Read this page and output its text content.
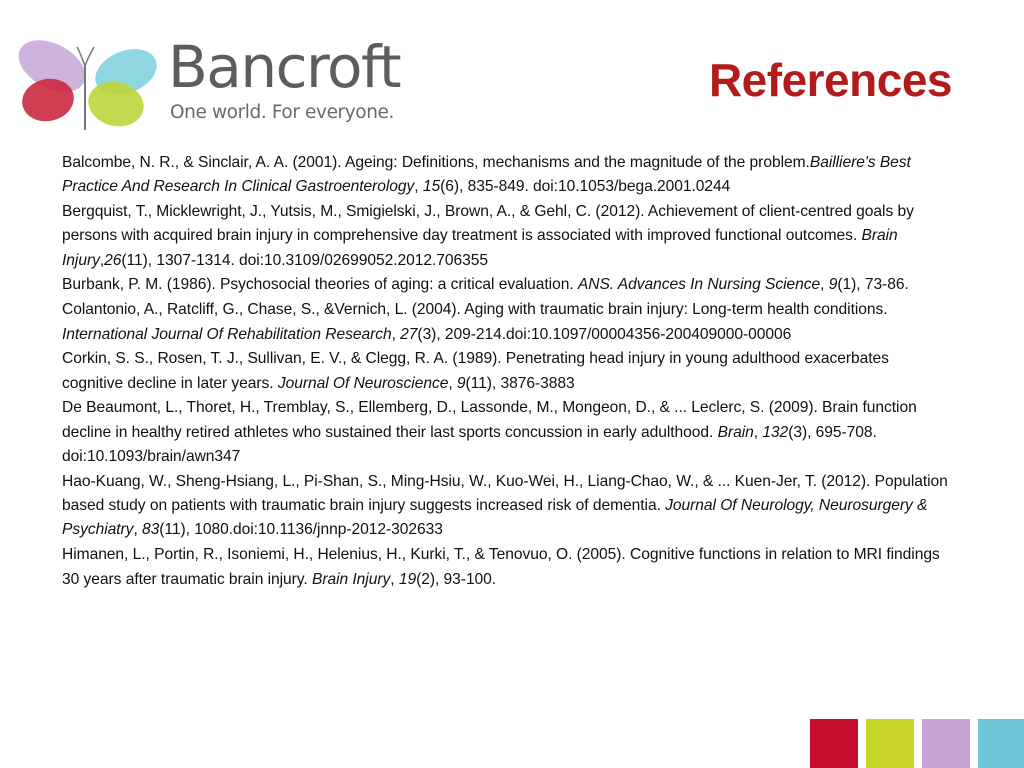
Bancroft
One world. For everyone.
References

Balcombe, N. R., & Sinclair, A. A. (2001). Ageing: Definitions, mechanisms and the magnitude of the problem.Bailliere's Best Practice And Research In Clinical Gastroenterology, 15(6), 835-849. doi:10.1053/bega.2001.0244

Bergquist, T., Micklewright, J., Yutsis, M., Smigielski, J., Brown, A., & Gehl, C. (2012). Achievement of client-centred goals by persons with acquired brain injury in comprehensive day treatment is associated with improved functional outcomes. Brain Injury,26(11), 1307-1314. doi:10.3109/02699052.2012.706355

Burbank, P. M. (1986). Psychosocial theories of aging: a critical evaluation. ANS. Advances In Nursing Science, 9(1), 73-86.

Colantonio, A., Ratcliff, G., Chase, S., &Vernich, L. (2004). Aging with traumatic brain injury: Long-term health conditions. International Journal Of Rehabilitation Research, 27(3), 209-214.doi:10.1097/00004356-200409000-00006

Corkin, S. S., Rosen, T. J., Sullivan, E. V., & Clegg, R. A. (1989). Penetrating head injury in young adulthood exacerbates cognitive decline in later years. Journal Of Neuroscience, 9(11), 3876-3883

De Beaumont, L., Thoret, H., Tremblay, S., Ellemberg, D., Lassonde, M., Mongeon, D., & ... Leclerc, S. (2009). Brain function decline in healthy retired athletes who sustained their last sports concussion in early adulthood. Brain, 132(3), 695-708. doi:10.1093/brain/awn347

Hao-Kuang, W., Sheng-Hsiang, L., Pi-Shan, S., Ming-Hsiu, W., Kuo-Wei, H., Liang-Chao, W., & ... Kuen-Jer, T. (2012). Population based study on patients with traumatic brain injury suggests increased risk of dementia. Journal Of Neurology, Neurosurgery & Psychiatry, 83(11), 1080.doi:10.1136/jnnp-2012-302633

Himanen, L., Portin, R., Isoniemi, H., Helenius, H., Kurki, T., & Tenovuo, O. (2005). Cognitive functions in relation to MRI findings 30 years after traumatic brain injury. Brain Injury, 19(2), 93-100.
